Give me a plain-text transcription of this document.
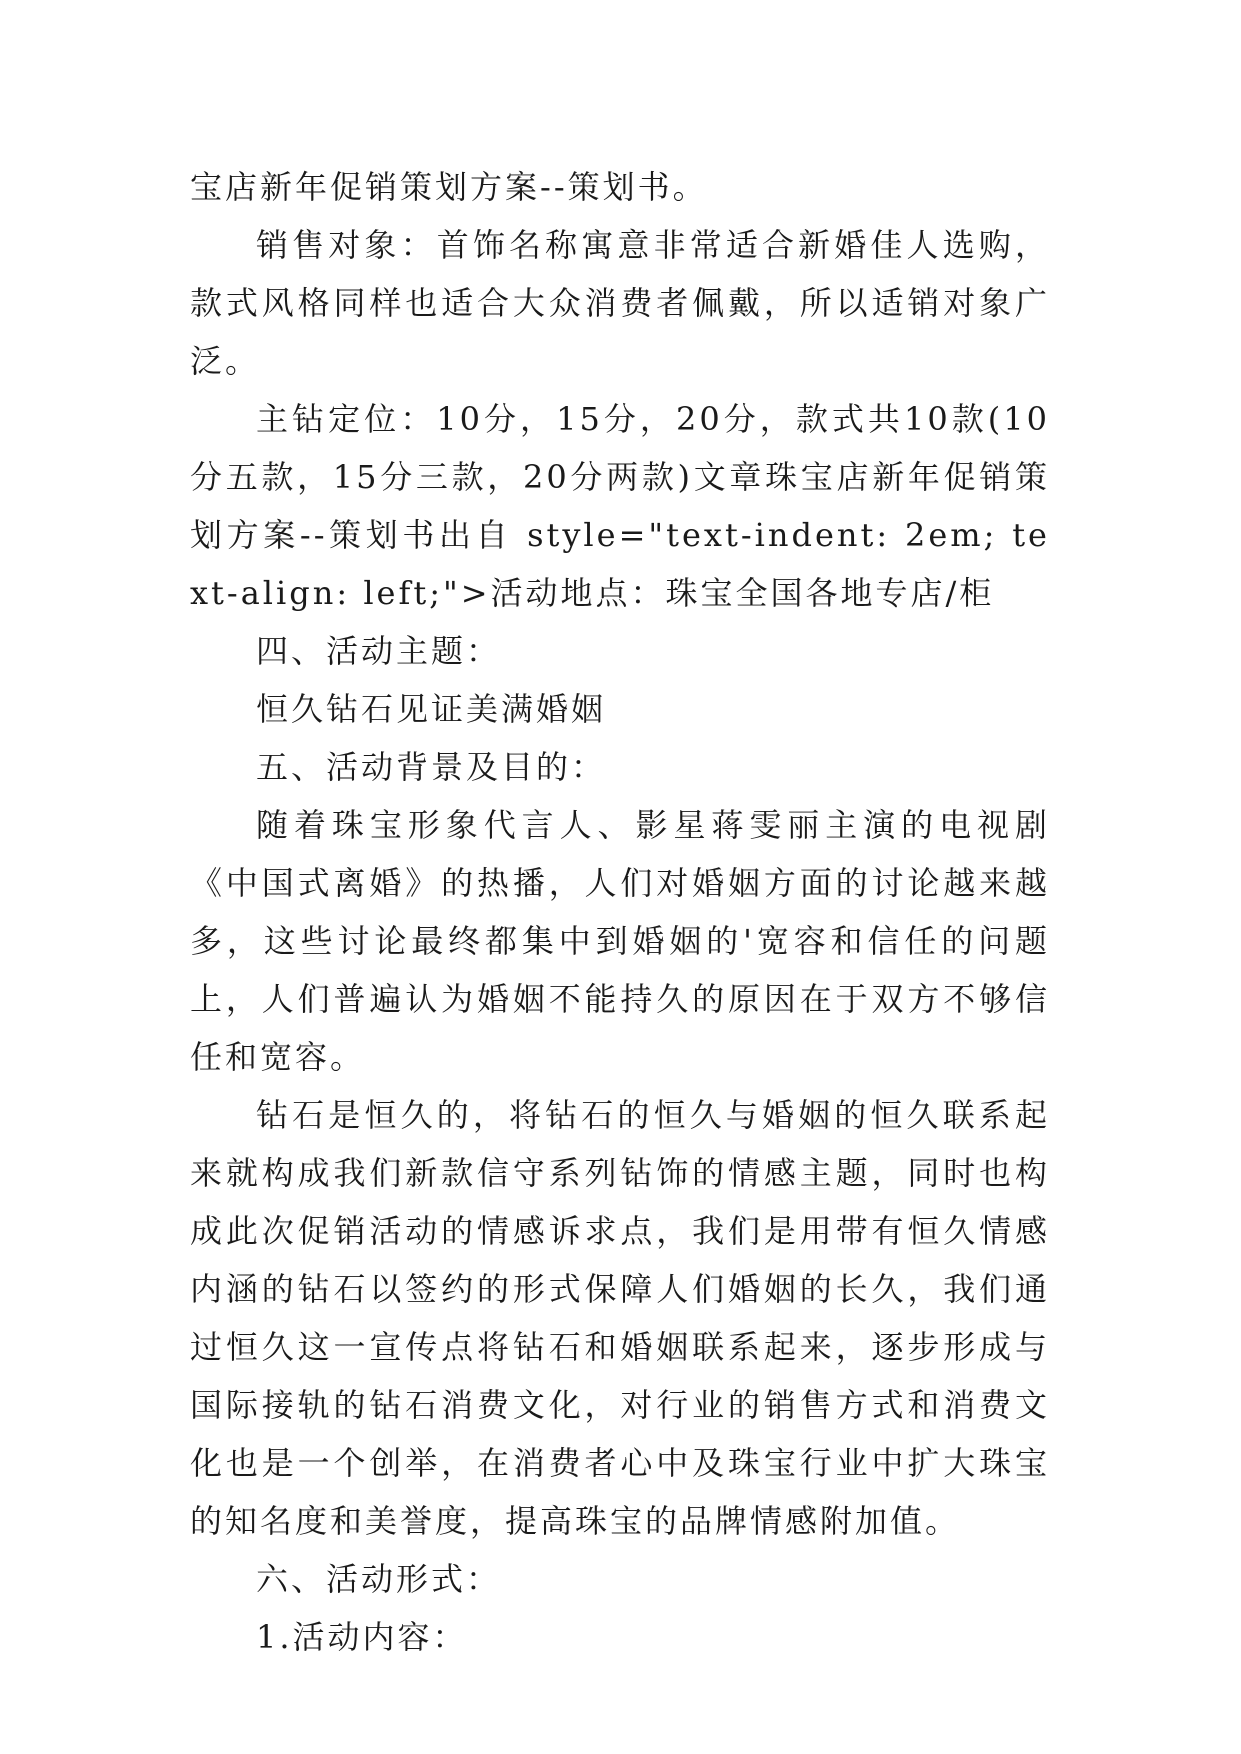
宝店新年促销策划方案--策划书。

销售对象：首饰名称寓意非常适合新婚佳人选购，款式风格同样也适合大众消费者佩戴，所以适销对象广泛。

主钻定位：10分，15分，20分，款式共10款(10分五款，15分三款，20分两款)文章珠宝店新年促销策划方案--策划书出自 style="text-indent: 2em; text-align: left;">活动地点：珠宝全国各地专店/柜

四、活动主题：

恒久钻石见证美满婚姻

五、活动背景及目的：

随着珠宝形象代言人、影星蒋雯丽主演的电视剧《中国式离婚》的热播，人们对婚姻方面的讨论越来越多，这些讨论最终都集中到婚姻的'宽容和信任的问题上，人们普遍认为婚姻不能持久的原因在于双方不够信任和宽容。

钻石是恒久的，将钻石的恒久与婚姻的恒久联系起来就构成我们新款信守系列钻饰的情感主题，同时也构成此次促销活动的情感诉求点，我们是用带有恒久情感内涵的钻石以签约的形式保障人们婚姻的长久，我们通过恒久这一宣传点将钻石和婚姻联系起来，逐步形成与国际接轨的钻石消费文化，对行业的销售方式和消费文化也是一个创举，在消费者心中及珠宝行业中扩大珠宝的知名度和美誉度，提高珠宝的品牌情感附加值。

六、活动形式：

1.活动内容：
